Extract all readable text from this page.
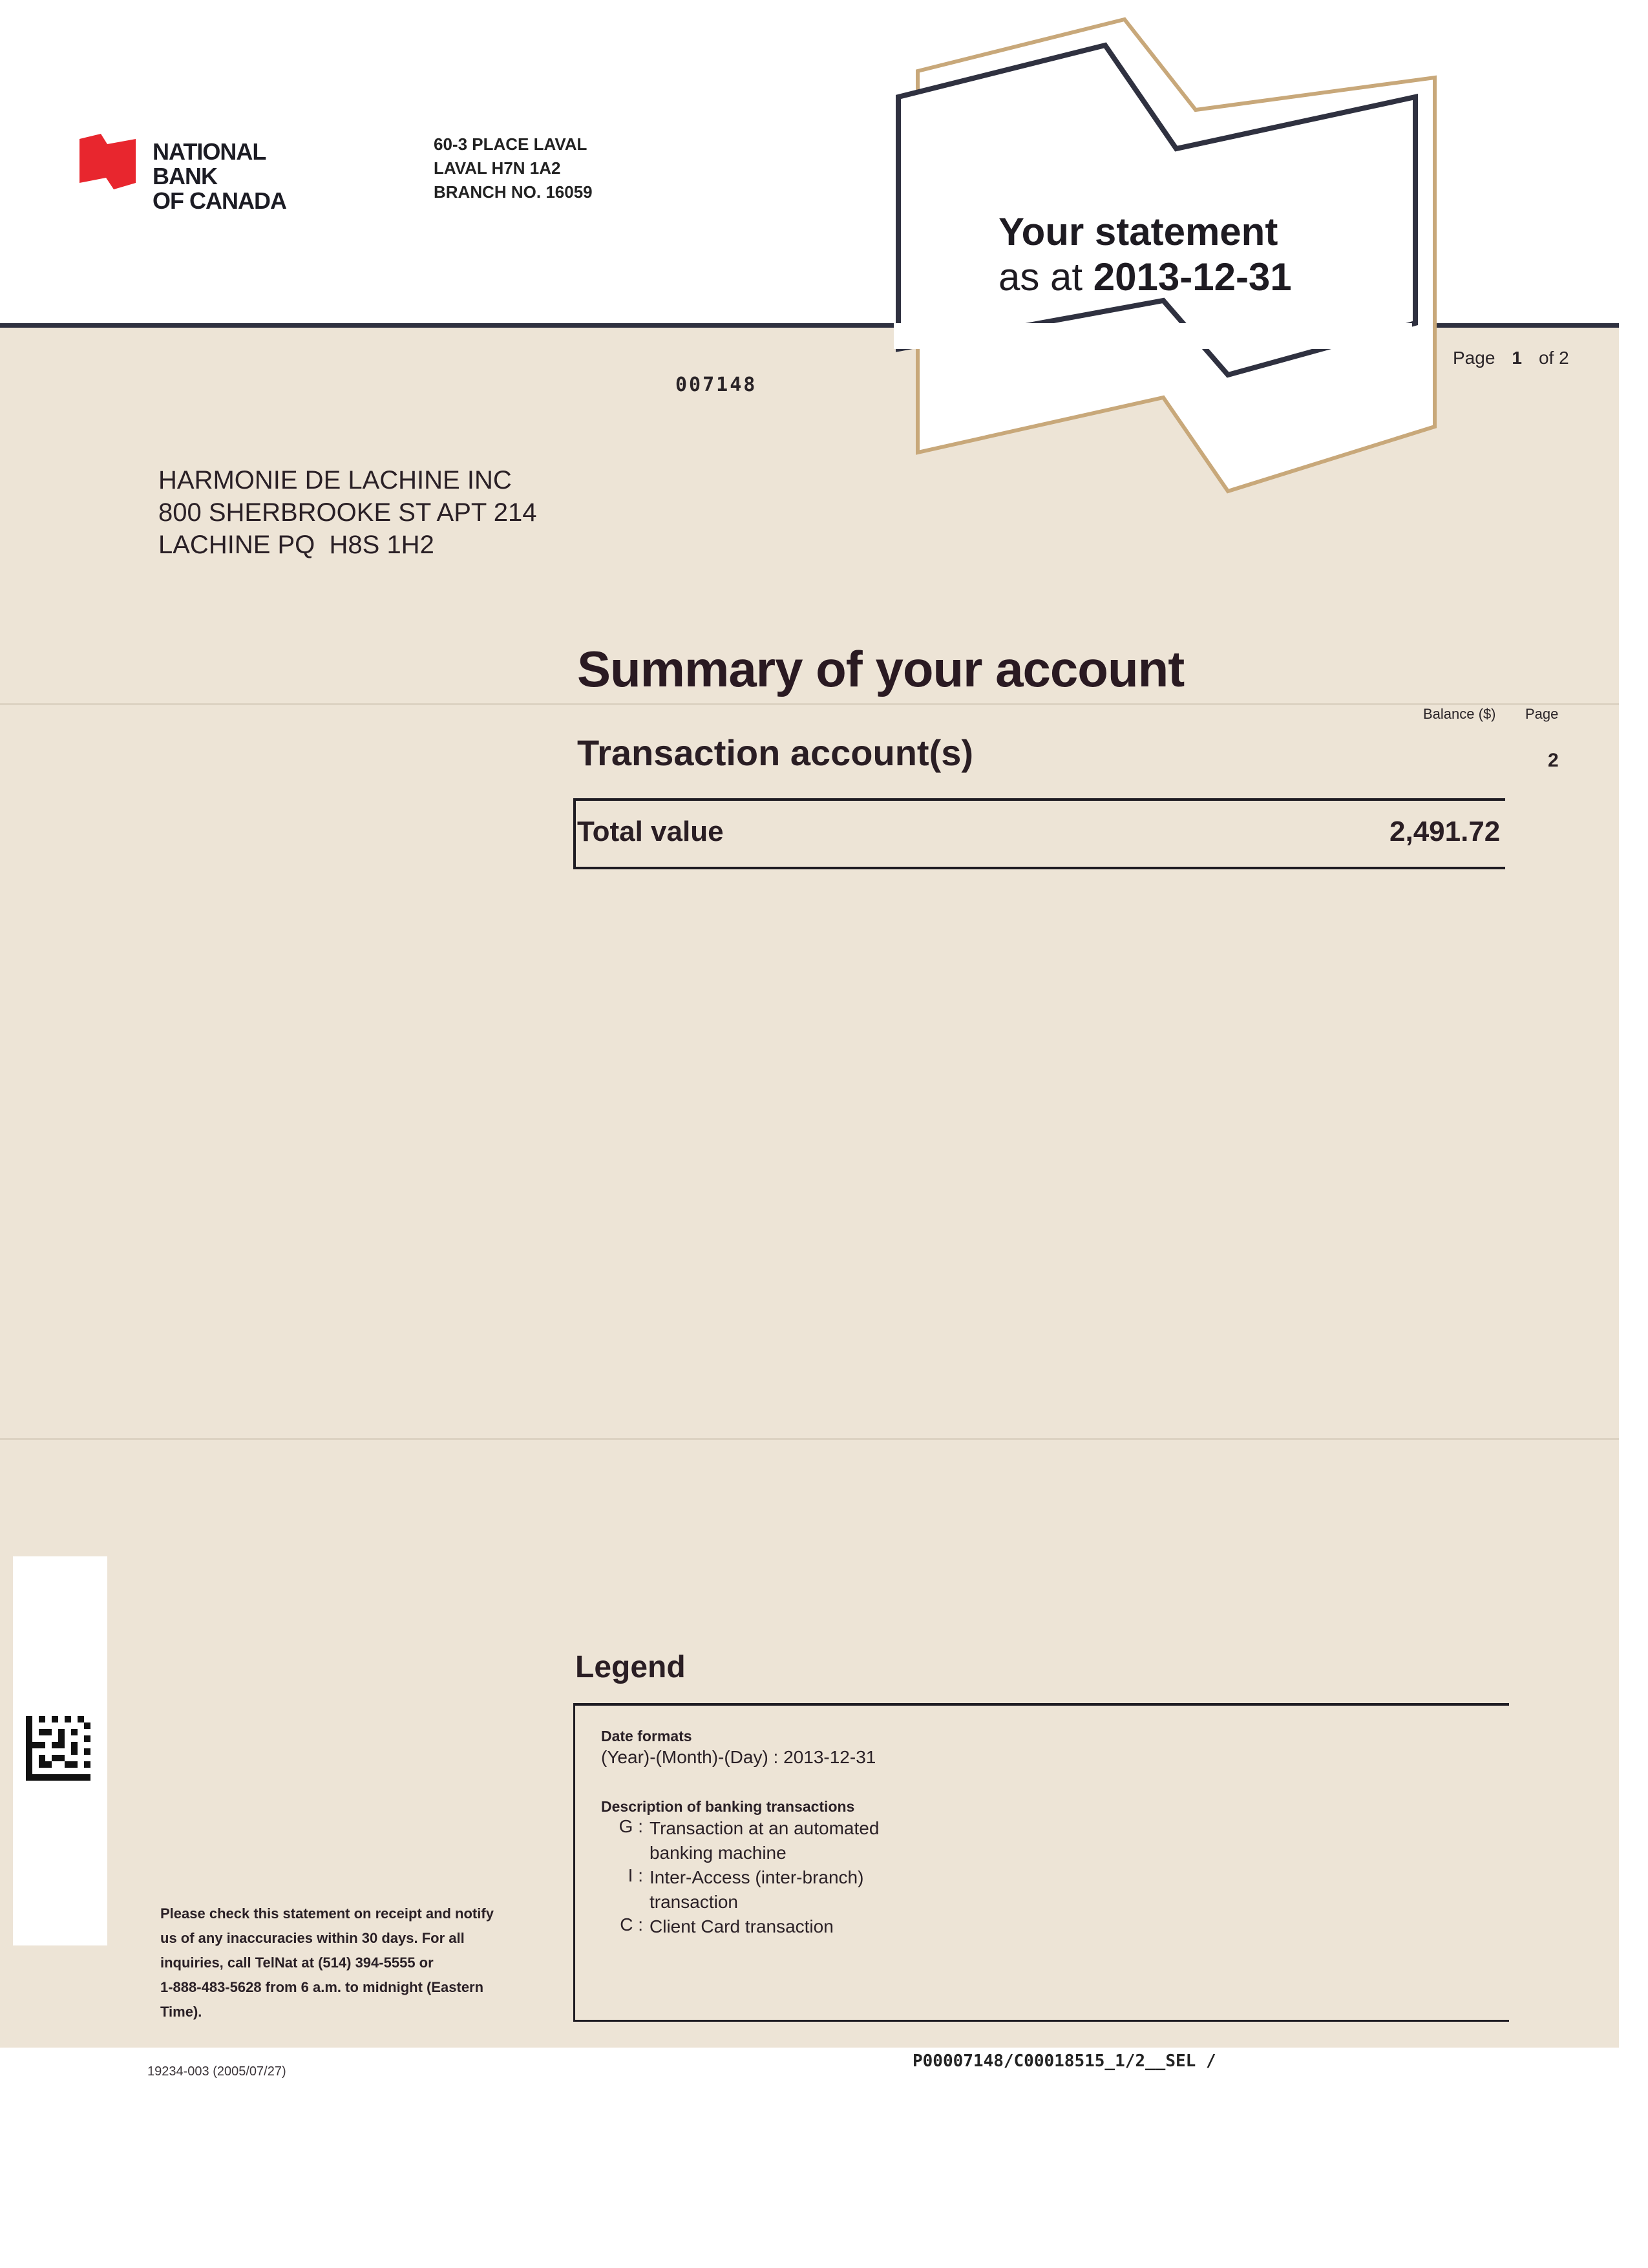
NATIONAL
BANK
OF CANADA
60-3 PLACE LAVAL
LAVAL H7N 1A2
BRANCH NO. 16059
Your statement
as at 2013-12-31
Page 1 of 2
007148
HARMONIE DE LACHINE INC
800 SHERBROOKE ST APT 214
LACHINE PQ  H8S 1H2
Summary of your account
Balance ($) Page
Transaction account(s)	2
Total value	2,491.72
Legend
Date formats
(Year)-(Month)-(Day) : 2013-12-31
Description of banking transactions
G : Transaction at an automated
banking machine
I : Inter-Access (inter-branch)
transaction
C : Client Card transaction
Please check this statement on receipt and notify
us of any inaccuracies within 30 days. For all
inquiries, call TelNat at (514) 394-5555 or
1-888-483-5628 from 6 a.m. to midnight (Eastern
Time).
19234-003 (2005/07/27)
P00007148/C00018515_1/2__SEL /
